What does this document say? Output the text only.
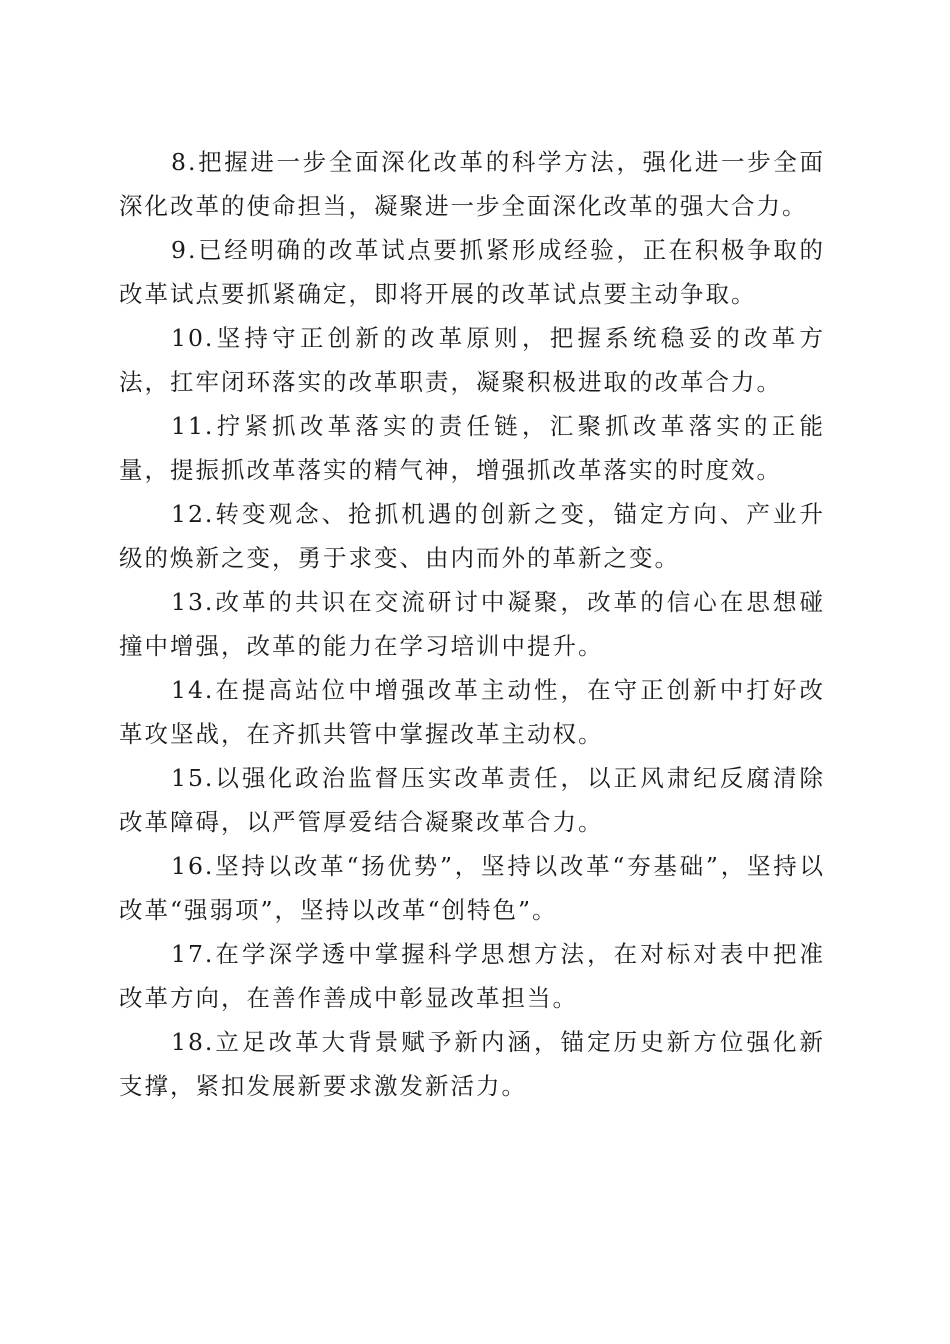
8.把握进一步全面深化改革的科学方法，强化进一步全面深化改革的使命担当，凝聚进一步全面深化改革的强大合力。

9.已经明确的改革试点要抓紧形成经验，正在积极争取的改革试点要抓紧确定，即将开展的改革试点要主动争取。

10.坚持守正创新的改革原则，把握系统稳妥的改革方法，扛牢闭环落实的改革职责，凝聚积极进取的改革合力。

11.拧紧抓改革落实的责任链，汇聚抓改革落实的正能量，提振抓改革落实的精气神，增强抓改革落实的时度效。

12.转变观念、抢抓机遇的创新之变，锚定方向、产业升级的焕新之变，勇于求变、由内而外的革新之变。

13.改革的共识在交流研讨中凝聚，改革的信心在思想碰撞中增强，改革的能力在学习培训中提升。

14.在提高站位中增强改革主动性，在守正创新中打好改革攻坚战，在齐抓共管中掌握改革主动权。

15.以强化政治监督压实改革责任，以正风肃纪反腐清除改革障碍，以严管厚爱结合凝聚改革合力。

16.坚持以改革“扬优势”，坚持以改革“夯基础”，坚持以改革“强弱项”，坚持以改革“创特色”。

17.在学深学透中掌握科学思想方法，在对标对表中把准改革方向，在善作善成中彰显改革担当。

18.立足改革大背景赋予新内涵，锚定历史新方位强化新支撑，紧扣发展新要求激发新活力。
